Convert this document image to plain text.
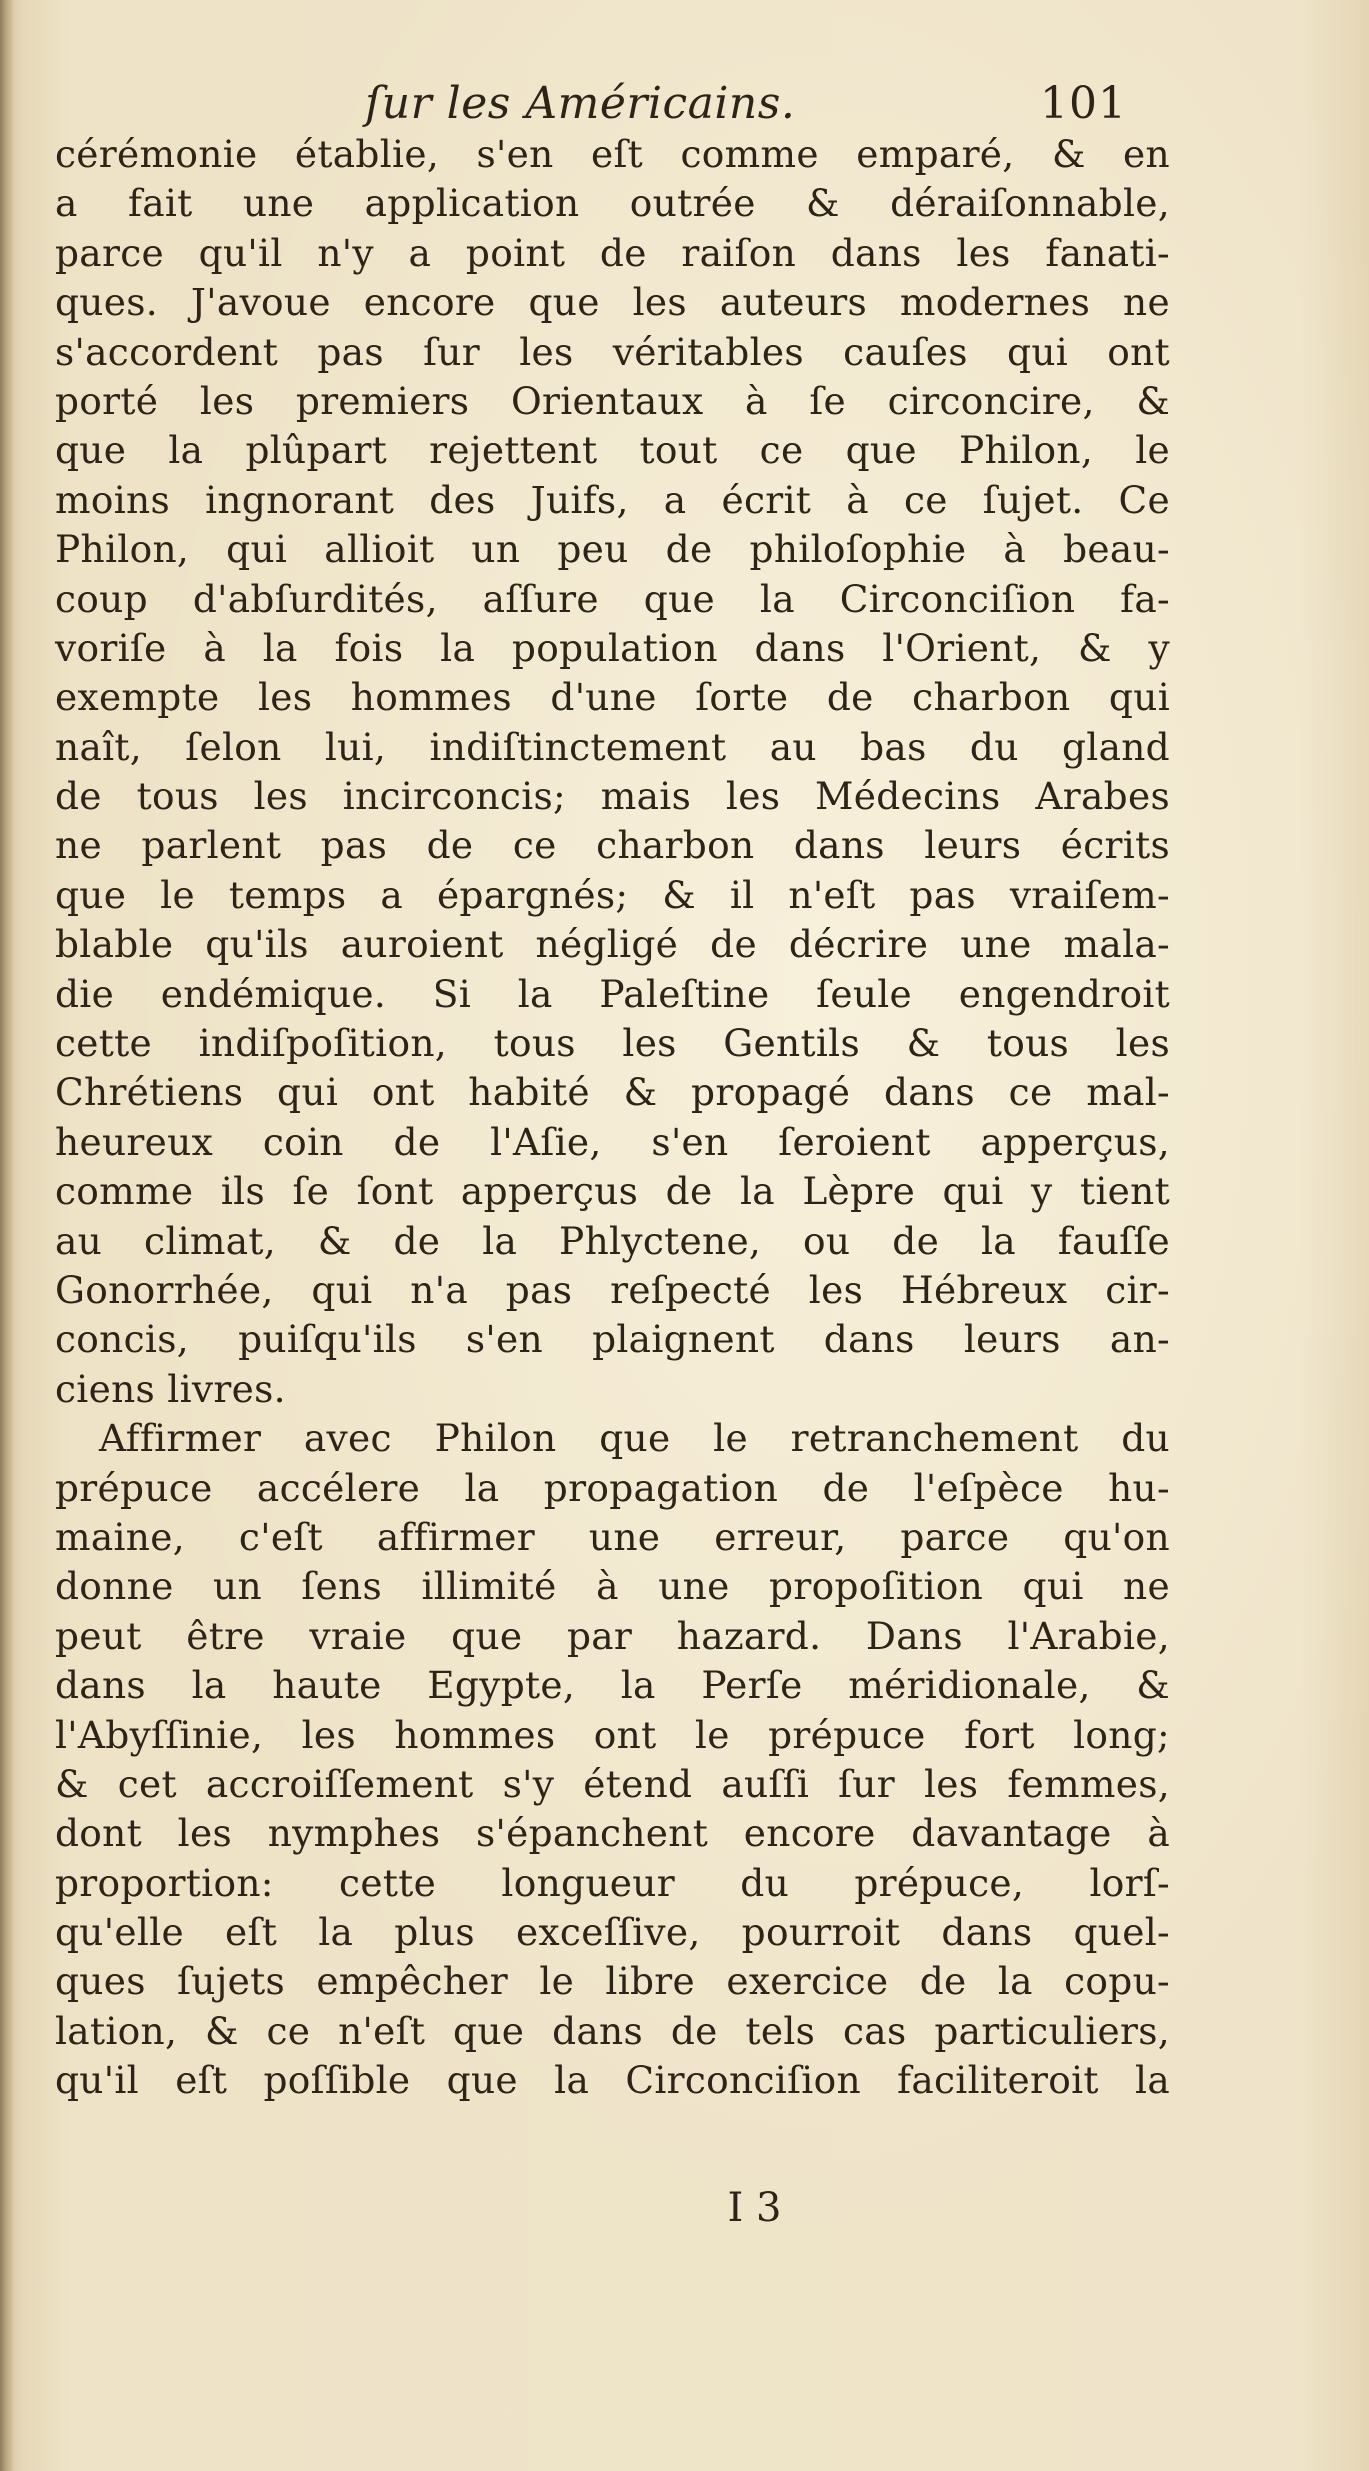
ſur les Américains.	101
cérémonie établie, s'en eſt comme emparé, & en
a fait une application outrée & déraiſonnable,
parce qu'il n'y a point de raiſon dans les fanati-
ques. J'avoue encore que les auteurs modernes ne
s'accordent pas ſur les véritables cauſes qui ont
porté les premiers Orientaux à ſe circoncire, &
que la plûpart rejettent tout ce que Philon, le
moins ingnorant des Juifs, a écrit à ce ſujet. Ce
Philon, qui allioit un peu de philoſophie à beau-
coup d'abſurdités, aſſure que la Circonciſion fa-
voriſe à la fois la population dans l'Orient, & y
exempte les hommes d'une ſorte de charbon qui
naît, ſelon lui, indiſtinctement au bas du gland
de tous les incirconcis; mais les Médecins Arabes
ne parlent pas de ce charbon dans leurs écrits
que le temps a épargnés; & il n'eſt pas vraiſem-
blable qu'ils auroient négligé de décrire une mala-
die endémique. Si la Paleſtine ſeule engendroit
cette indiſpoſition, tous les Gentils & tous les
Chrétiens qui ont habité & propagé dans ce mal-
heureux coin de l'Aſie, s'en ſeroient apperçus,
comme ils ſe ſont apperçus de la Lèpre qui y tient
au climat, & de la Phlyctene, ou de la fauſſe
Gonorrhée, qui n'a pas reſpecté les Hébreux cir-
concis, puiſqu'ils s'en plaignent dans leurs an-
ciens livres.
Affirmer avec Philon que le retranchement du
prépuce accélere la propagation de l'eſpèce hu-
maine, c'eſt affirmer une erreur, parce qu'on
donne un ſens illimité à une propoſition qui ne
peut être vraie que par hazard. Dans l'Arabie,
dans la haute Egypte, la Perſe méridionale, &
l'Abyſſinie, les hommes ont le prépuce fort long;
& cet accroiſſement s'y étend auſſi ſur les femmes,
dont les nymphes s'épanchent encore davantage à
proportion: cette longueur du prépuce, lorſ-
qu'elle eſt la plus exceſſive, pourroit dans quel-
ques ſujets empêcher le libre exercice de la copu-
lation, & ce n'eſt que dans de tels cas particuliers,
qu'il eſt poſſible que la Circonciſion faciliteroit la
I 3
